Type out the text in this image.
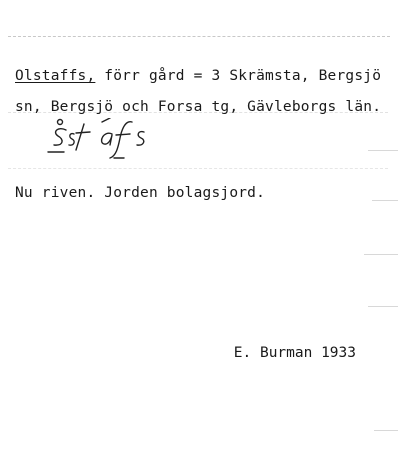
Olstaffs, förr gård = 3 Skrämsta, Bergsjö
sn, Bergsjö och Forsa tg, Gävleborgs län.
Nu riven. Jorden bolagsjord.
E. Burman 1933
